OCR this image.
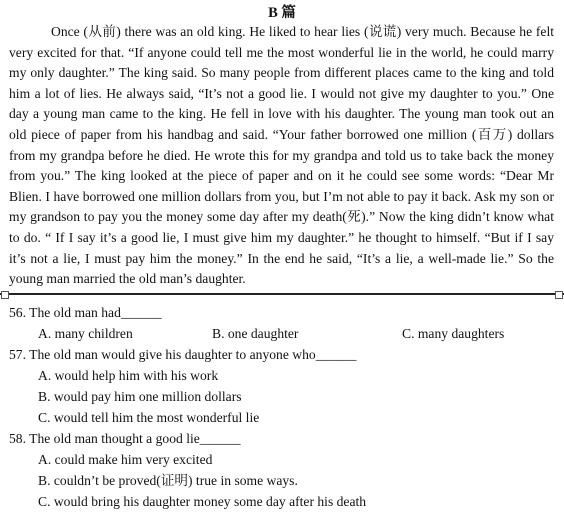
B 篇

Once (从前) there was an old king. He liked to hear lies (说谎) very much. Because he felt very excited for that. “If anyone could tell me the most wonderful lie in the world, he could marry my only daughter.” The king said. So many people from different places came to the king and told him a lot of lies. He always said, “It’s not a good lie. I would not give my daughter to you.” One day a young man came to the king. He fell in love with his daughter. The young man took out an old piece of paper from his handbag and said. “Your father borrowed one million (百万) dollars from my grandpa before he died. He wrote this for my grandpa and told us to take back the money from you.” The king looked at the piece of paper and on it he could see some words: “Dear Mr Blien. I have borrowed one million dollars from you, but I’m not able to pay it back. Ask my son or my grandson to pay you the money some day after my death(死).” Now the king didn’t know what to do. “ If I say it’s a good lie, I must give him my daughter.” he thought to himself. “But if I say it’s not a lie, I must pay him the money.” In the end he said, “It’s a lie, a well-made lie.” So the young man married the old man’s daughter.

56. The old man had______
A. many children	B. one daughter	C. many daughters
57. The old man would give his daughter to anyone who______
A. would help him with his work
B. would pay him one million dollars
C. would tell him the most wonderful lie
58. The old man thought a good lie______
A. could make him very excited
B. couldn’t be proved(证明) true in some ways.
C. would bring his daughter money some day after his death
